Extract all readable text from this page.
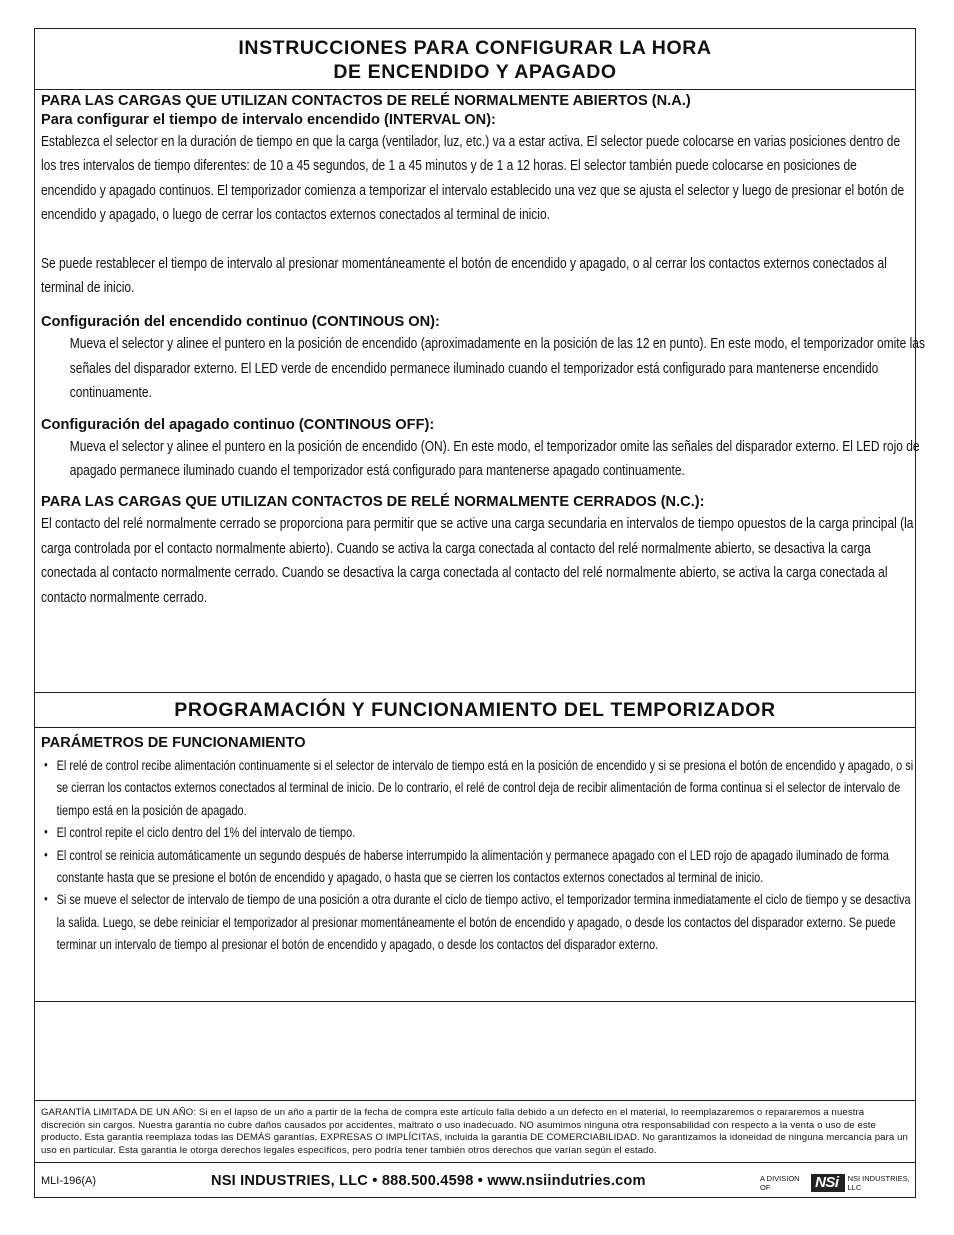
INSTRUCCIONES PARA CONFIGURAR LA HORA
DE ENCENDIDO Y APAGADO
PARA LAS CARGAS QUE UTILIZAN CONTACTOS DE RELÉ NORMALMENTE ABIERTOS (N.A.)
Para configurar el tiempo de intervalo encendido (INTERVAL ON):

Establezca el selector en la duración de tiempo en que la carga (ventilador, luz, etc.) va a estar activa. El selector puede colocarse en varias posiciones dentro de los tres intervalos de tiempo diferentes: de 10 a 45 segundos, de 1 a 45 minutos y de 1 a 12 horas. El selector también puede colocarse en posiciones de encendido y apagado continuos. El temporizador comienza a temporizar el intervalo establecido una vez que se ajusta el selector y luego de presionar el botón de encendido y apagado, o luego de cerrar los contactos externos conectados al terminal de inicio.

Se puede restablecer el tiempo de intervalo al presionar momentáneamente el botón de encendido y apagado, o al cerrar los contactos externos conectados al terminal de inicio.

Configuración del encendido continuo (CONTINOUS ON):

Mueva el selector y alinee el puntero en la posición de encendido (aproximadamente en la posición de las 12 en punto). En este modo, el temporizador omite las señales del disparador externo. El LED verde de encendido permanece iluminado cuando el temporizador está configurado para mantenerse encendido continuamente.

Configuración del apagado continuo (CONTINOUS OFF):

Mueva el selector y alinee el puntero en la posición de encendido (ON). En este modo, el temporizador omite las señales del disparador externo. El LED rojo de apagado permanece iluminado cuando el temporizador está configurado para mantenerse apagado continuamente.

PARA LAS CARGAS QUE UTILIZAN CONTACTOS DE RELÉ NORMALMENTE CERRADOS (N.C.):

El contacto del relé normalmente cerrado se proporciona para permitir que se active una carga secundaria en intervalos de tiempo opuestos de la carga principal (la carga controlada por el contacto normalmente abierto). Cuando se activa la carga conectada al contacto del relé normalmente abierto, se desactiva la carga conectada al contacto normalmente cerrado. Cuando se desactiva la carga conectada al contacto del relé normalmente abierto, se activa la carga conectada al contacto normalmente cerrado.

PROGRAMACIÓN Y FUNCIONAMIENTO DEL TEMPORIZADOR
PARÁMETROS DE FUNCIONAMIENTO
• El relé de control recibe alimentación continuamente si el selector de intervalo de tiempo está en la posición de encendido y si se presiona el botón de encendido y apagado, o si se cierran los contactos externos conectados al terminal de inicio. De lo contrario, el relé de control deja de recibir alimentación de forma continua si el selector de intervalo de tiempo está en la posición de apagado.
• El control repite el ciclo dentro del 1% del intervalo de tiempo.
• El control se reinicia automáticamente un segundo después de haberse interrumpido la alimentación y permanece apagado con el LED rojo de apagado iluminado de forma constante hasta que se presione el botón de encendido y apagado, o hasta que se cierren los contactos externos conectados al terminal de inicio.
• Si se mueve el selector de intervalo de tiempo de una posición a otra durante el ciclo de tiempo activo, el temporizador termina inmediatamente el ciclo de tiempo y se desactiva la salida. Luego, se debe reiniciar el temporizador al presionar momentáneamente el botón de encendido y apagado, o desde los contactos del disparador externo. Se puede terminar un intervalo de tiempo al presionar el botón de encendido y apagado, o desde los contactos del disparador externo.
GARANTÍA LIMITADA DE UN AÑO: Si en el lapso de un año a partir de la fecha de compra este artículo falla debido a un defecto en el material, lo reemplazaremos o repararemos a nuestra discreción sin cargos. Nuestra garantía no cubre daños causados por accidentes, maltrato o uso inadecuado. NO asumimos ninguna otra responsabilidad con respecto a la venta o uso de este producto. Esta garantía reemplaza todas las DEMÁS garantías, EXPRESAS O IMPLÍCITAS, incluida la garantía DE COMERCIABILIDAD. No garantizamos la idoneidad de ninguna mercancía para un uso en particular. Esta garantía le otorga derechos legales específicos, pero podría tener también otros derechos que varían según el estado.
MLI-196(A)	NSI INDUSTRIES, LLC • 888.500.4598 • www.nsiindutries.com	A DIVISION OF	NSi	NSI INDUSTRIES, LLC
